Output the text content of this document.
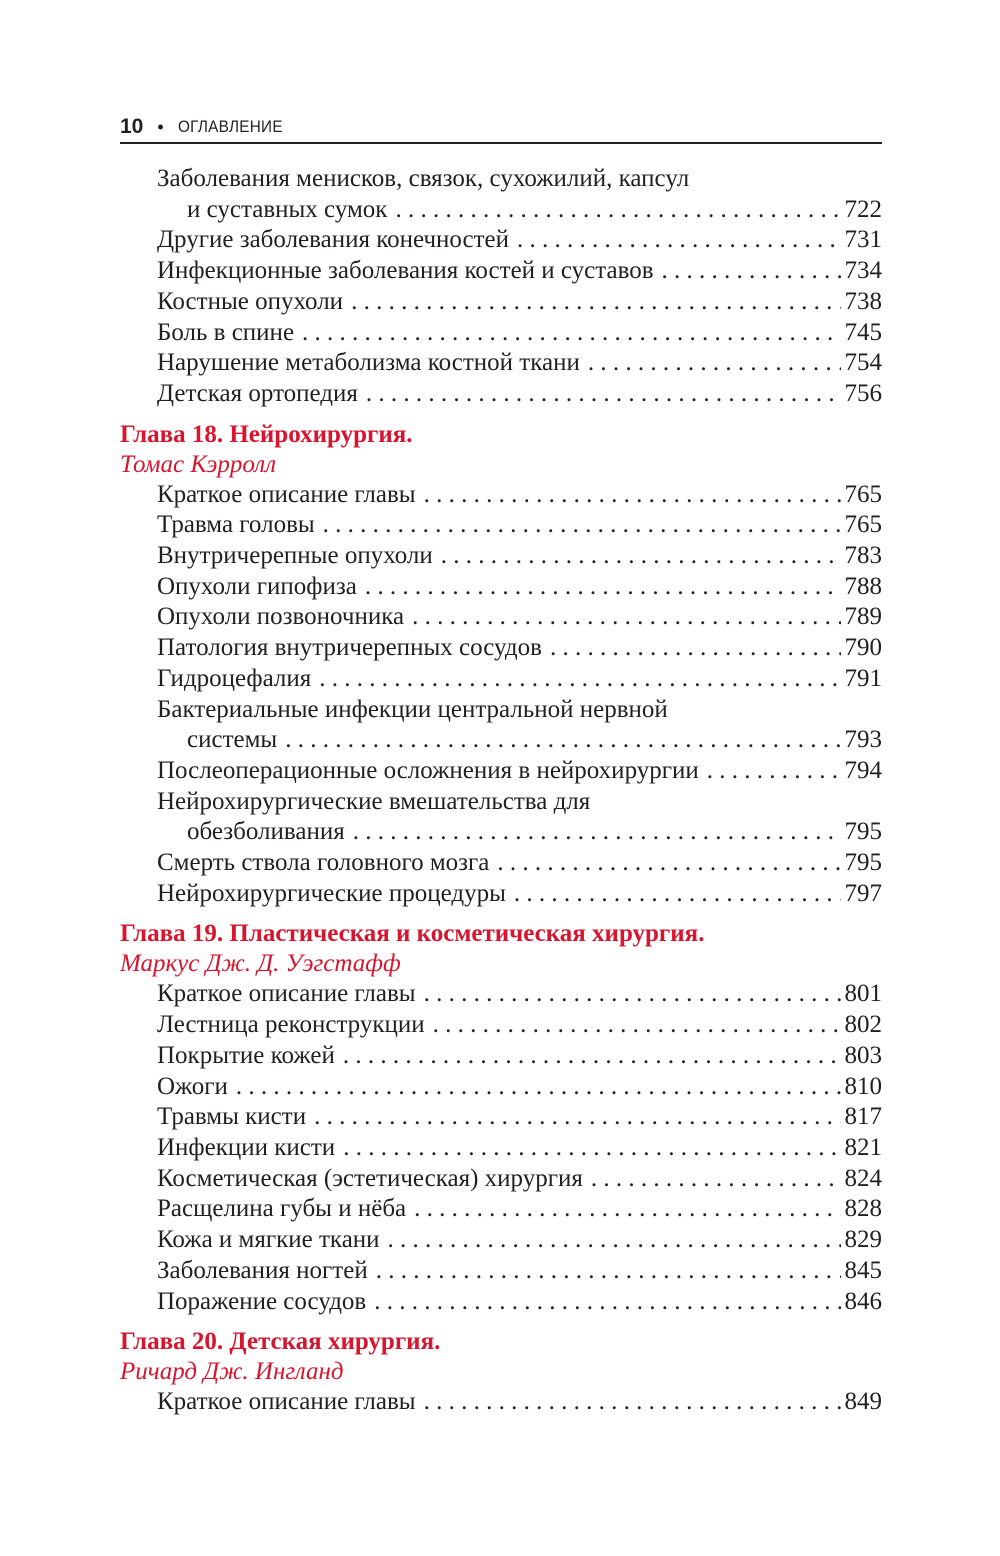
10 • ОГЛАВЛЕНИЕ
Заболевания менисков, связок, сухожилий, капсул
и суставных сумок . . .	722
Другие заболевания конечностей . . .	731
Инфекционные заболевания костей и суставов . . .	734
Костные опухоли . . .	738
Боль в спине . . .	745
Нарушение метаболизма костной ткани . . .	754
Детская ортопедия . . .	756
Глава 18. Нейрохирургия.
Томас Кэрролл
Краткое описание главы . . .	765
Травма головы . . .	765
Внутричерепные опухоли . . .	783
Опухоли гипофиза . . .	788
Опухоли позвоночника . . .	789
Патология внутричерепных сосудов . . .	790
Гидроцефалия . . .	791
Бактериальные инфекции центральной нервной
системы . . .	793
Послеоперационные осложнения в нейрохирургии . . .	794
Нейрохирургические вмешательства для
обезболивания . . .	795
Смерть ствола головного мозга . . .	795
Нейрохирургические процедуры . . .	797
Глава 19. Пластическая и косметическая хирургия.
Маркус Дж. Д. Уэгстафф
Краткое описание главы . . .	801
Лестница реконструкции . . .	802
Покрытие кожей . . .	803
Ожоги . . .	810
Травмы кисти . . .	817
Инфекции кисти . . .	821
Косметическая (эстетическая) хирургия . . .	824
Расщелина губы и нёба . . .	828
Кожа и мягкие ткани . . .	829
Заболевания ногтей . . .	845
Поражение сосудов . . .	846
Глава 20. Детская хирургия.
Ричард Дж. Ингланд
Краткое описание главы . . .	849
